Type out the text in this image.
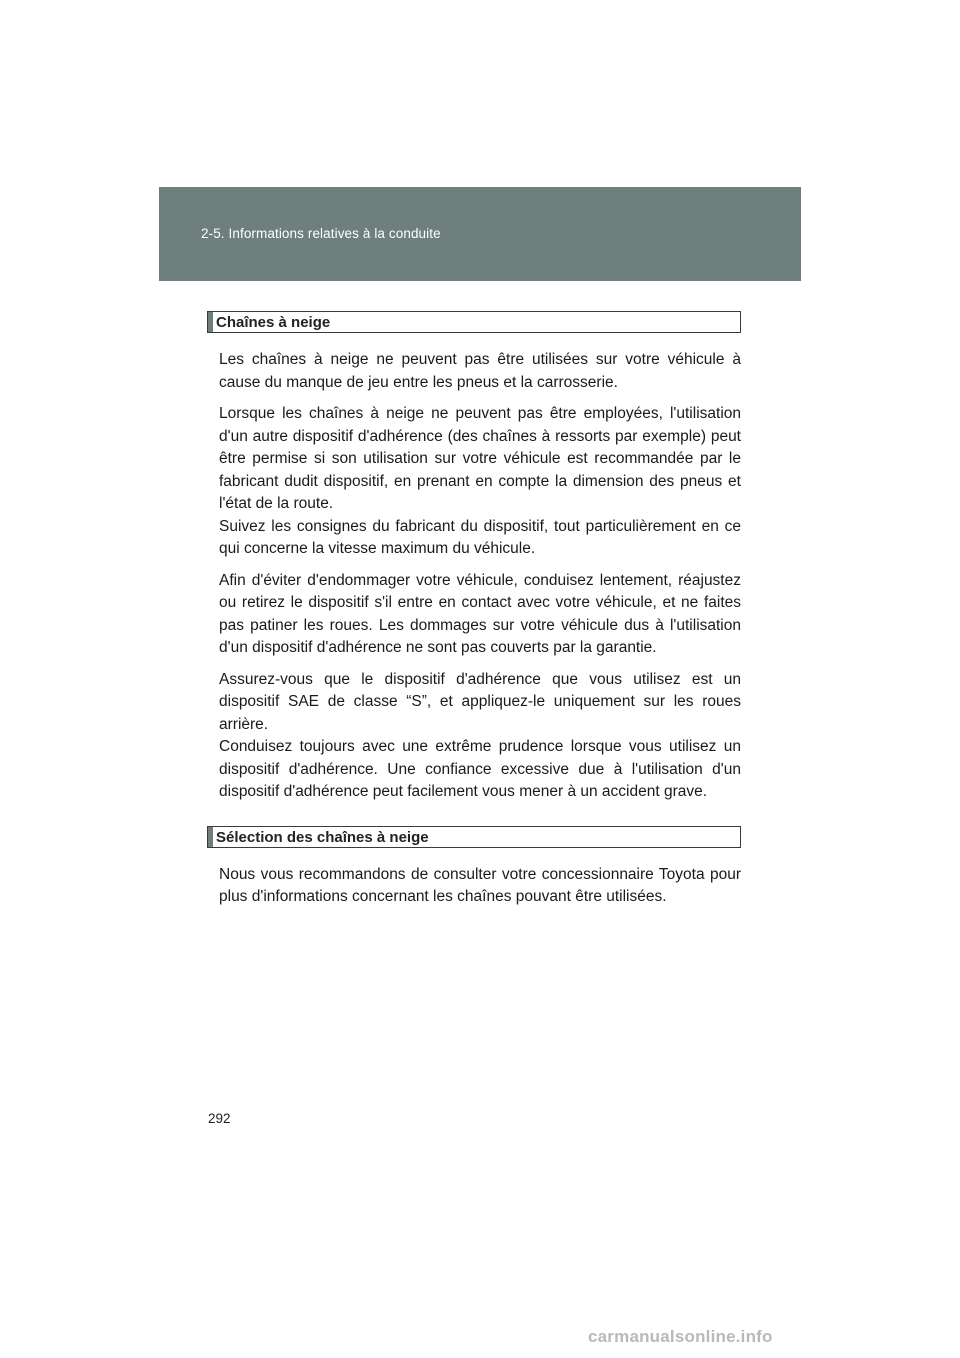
2-5. Informations relatives à la conduite
Chaînes à neige

Les chaînes à neige ne peuvent pas être utilisées sur votre véhicule à cause du manque de jeu entre les pneus et la carrosserie.

Lorsque les chaînes à neige ne peuvent pas être employées, l'utilisation d'un autre dispositif d'adhérence (des chaînes à ressorts par exemple) peut être permise si son utilisation sur votre véhicule est recommandée par le fabricant dudit dispositif, en prenant en compte la dimension des pneus et l'état de la route.
Suivez les consignes du fabricant du dispositif, tout particulièrement en ce qui concerne la vitesse maximum du véhicule.

Afin d'éviter d'endommager votre véhicule, conduisez lentement, réajustez ou retirez le dispositif s'il entre en contact avec votre véhicule, et ne faites pas patiner les roues. Les dommages sur votre véhicule dus à l'utilisation d'un dispositif d'adhérence ne sont pas couverts par la garantie.

Assurez-vous que le dispositif d'adhérence que vous utilisez est un dispositif SAE de classe “S”, et appliquez-le uniquement sur les roues arrière.
Conduisez toujours avec une extrême prudence lorsque vous utilisez un dispositif d'adhérence. Une confiance excessive due à l'utilisation d'un dispositif d'adhérence peut facilement vous mener à un accident grave.

Sélection des chaînes à neige

Nous vous recommandons de consulter votre concessionnaire Toyota pour plus d'informations concernant les chaînes pouvant être utilisées.

292
carmanualsonline.info
